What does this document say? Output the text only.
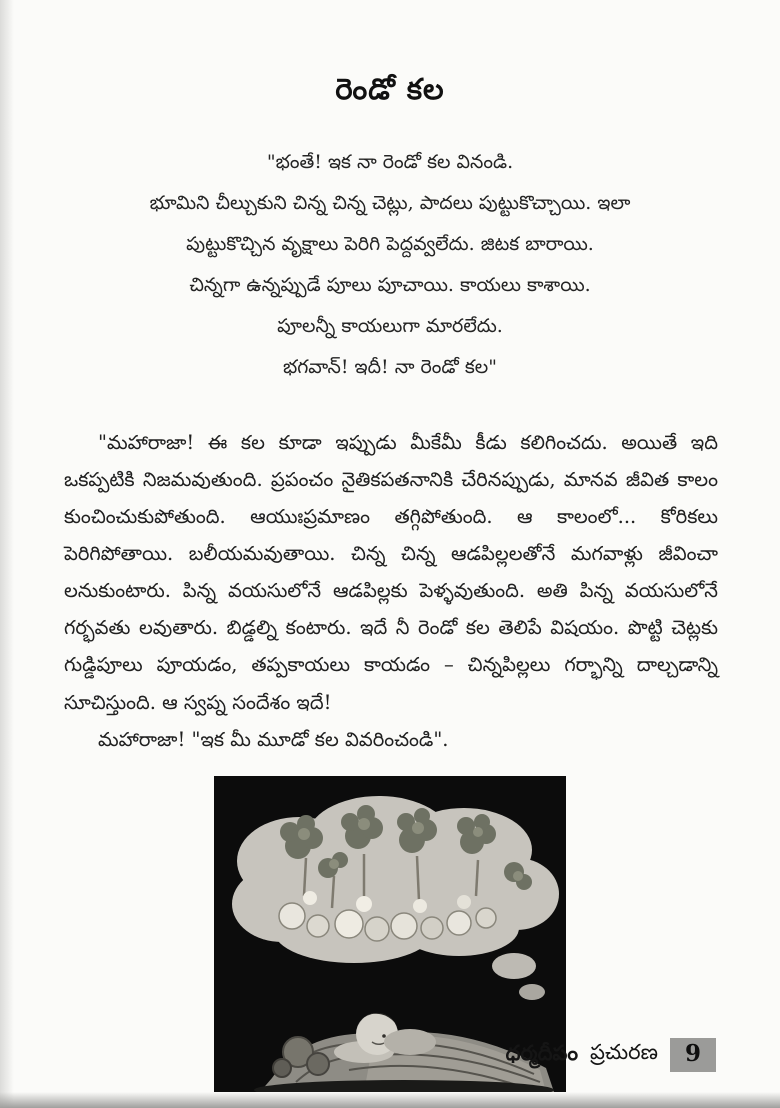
రెండో కల

"భంతే! ఇక నా రెండో కల వినండి.

భూమిని చీల్చుకుని చిన్న చిన్న చెట్లు, పాదలు పుట్టుకొచ్చాయి. ఇలా

పుట్టుకొచ్చిన వృక్షాలు పెరిగి పెద్దవ్వలేదు. జిటక బారాయి.

చిన్నగా ఉన్నప్పుడే పూలు పూచాయి. కాయలు కాశాయి.

పూలన్నీ కాయలుగా మారలేదు.

భగవాన్! ఇదీ! నా రెండో కల"

"మహారాజా! ఈ కల కూడా ఇప్పుడు మీకేమీ కీడు కలిగించదు. అయితే ఇది ఒకప్పటికి నిజమవుతుంది. ప్రపంచం నైతికపతనానికి చేరినప్పుడు, మానవ జీవిత కాలం కుంచించుకుపోతుంది. ఆయుఃప్రమాణం తగ్గిపోతుంది. ఆ కాలంలో... కోరికలు పెరిగిపోతాయి. బలీయమవుతాయి. చిన్న చిన్న ఆడపిల్లలతోనే మగవాళ్లు జీవించా లనుకుంటారు. పిన్న వయసులోనే ఆడపిల్లకు పెళ్ళవుతుంది. అతి పిన్న వయసులోనే గర్భవతు లవుతారు. బిడ్డల్ని కంటారు. ఇదే నీ రెండో కల తెలిపే విషయం. పొట్టి చెట్లకు గుడ్డిపూలు పూయడం, తప్పకాయలు కాయడం – చిన్నపిల్లలు గర్భాన్ని దాల్చడాన్ని సూచిస్తుంది. ఆ స్వప్న సందేశం ఇదే!

మహారాజా! "ఇక మీ మూడో కల వివరించండి".

ధర్మదీపం ప్రచురణ	9
